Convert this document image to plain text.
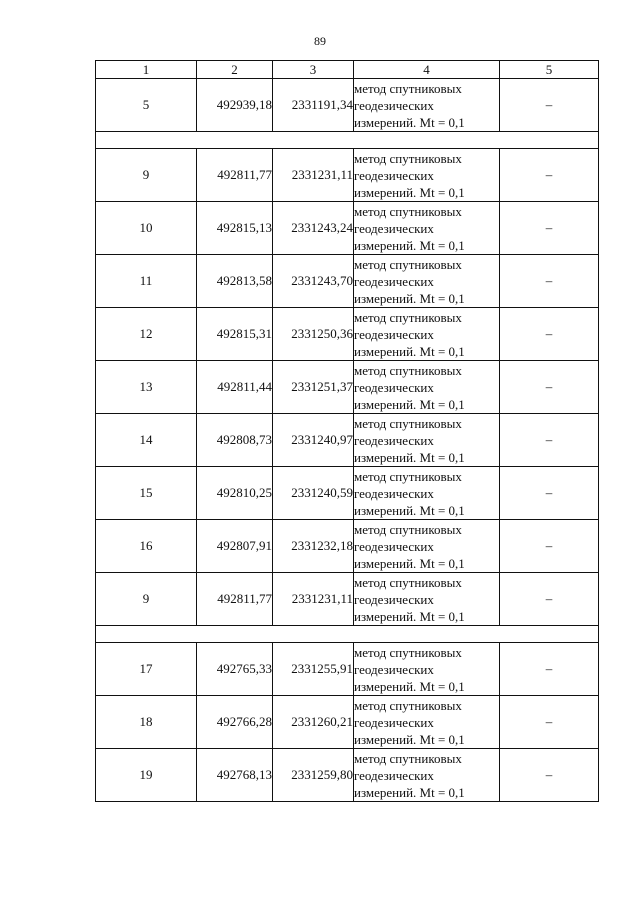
89
1	2	3	4	5
5	492939,18	2331191,34	метод спутниковых
геодезических
измерений. Mt = 0,1	–

9	492811,77	2331231,11	метод спутниковых
геодезических
измерений. Mt = 0,1	–
10	492815,13	2331243,24	метод спутниковых
геодезических
измерений. Mt = 0,1	–
11	492813,58	2331243,70	метод спутниковых
геодезических
измерений. Mt = 0,1	–
12	492815,31	2331250,36	метод спутниковых
геодезических
измерений. Mt = 0,1	–
13	492811,44	2331251,37	метод спутниковых
геодезических
измерений. Mt = 0,1	–
14	492808,73	2331240,97	метод спутниковых
геодезических
измерений. Mt = 0,1	–
15	492810,25	2331240,59	метод спутниковых
геодезических
измерений. Mt = 0,1	–
16	492807,91	2331232,18	метод спутниковых
геодезических
измерений. Mt = 0,1	–
9	492811,77	2331231,11	метод спутниковых
геодезических
измерений. Mt = 0,1	–

17	492765,33	2331255,91	метод спутниковых
геодезических
измерений. Mt = 0,1	–
18	492766,28	2331260,21	метод спутниковых
геодезических
измерений. Mt = 0,1	–
19	492768,13	2331259,80	метод спутниковых
геодезических
измерений. Mt = 0,1	–
